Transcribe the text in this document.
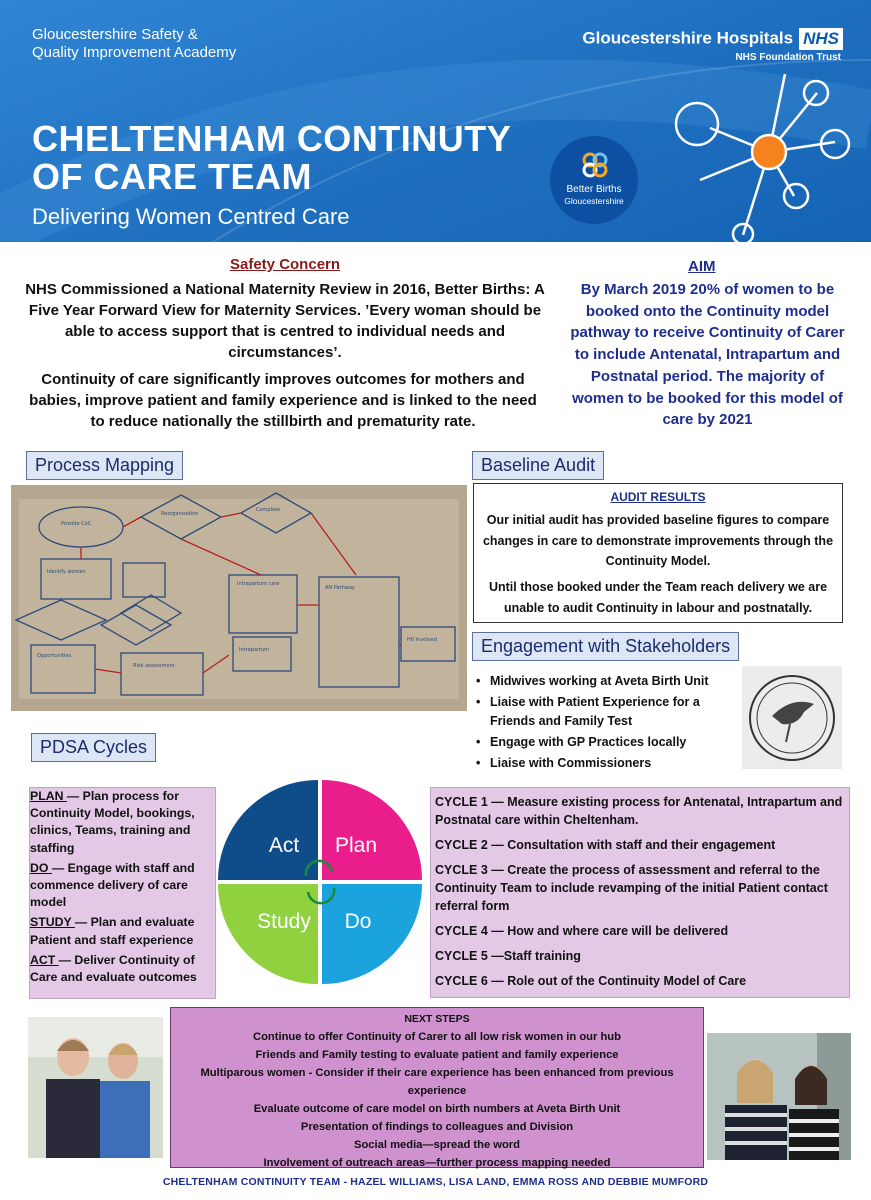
Gloucestershire Safety &
Quality Improvement Academy
Gloucestershire Hospitals NHS
NHS Foundation Trust
CHELTENHAM CONTINUTY
OF CARE TEAM
Delivering Women Centred Care
Better Births
Gloucestershire
Safety Concern
NHS Commissioned a National Maternity Review in 2016, Better Births: A Five Year Forward View for Maternity Services. ’Every woman should be able to access support that is centred to individual needs and circumstances’.
Continuity of care significantly improves outcomes for mothers and babies, improve patient and family experience and is linked to the need to reduce nationally the stillbirth and prematurity rate.
AIM
By March 2019 20% of women to be booked onto the Continuity model pathway to receive Continuity of Carer to include Antenatal, Intrapartum and Postnatal period. The majority of women to be booked for this model of care by 2021
Process Mapping
Provide CoC
Reorganisation
Complete
Identify women
Intrapartum care
AN Pathway
Intrapartum
Opportunities
Risk assessment
HV involved
Baseline Audit
AUDIT RESULTS
Our initial audit has provided baseline figures to compare changes in care to demonstrate improvements through the Continuity Model.
Until those booked under the Team reach delivery we are unable to audit Continuity in labour and postnatally.
Engagement with Stakeholders
• Midwives working at Aveta Birth Unit
• Liaise with Patient Experience for a Friends and Family Test
• Engage with GP Practices locally
• Liaise with Commissioners
PDSA Cycles

PLAN — Plan process for Continuity Model, bookings, clinics, Teams, training and staffing

DO — Engage with staff and commence delivery of care model

STUDY — Plan and evaluate Patient and staff experience

ACT — Deliver Continuity of Care and evaluate outcomes

Act Plan
Study Do

CYCLE 1 — Measure existing process for Antenatal, Intrapartum and Postnatal care within Cheltenham.

CYCLE 2 — Consultation with staff and their engagement

CYCLE 3 — Create the process of assessment and referral to the Continuity Team to include revamping of the initial Patient contact referral form

CYCLE 4 — How and where care will be delivered

CYCLE 5 —Staff training

CYCLE 6 — Role out of the Continuity Model of Care

NEXT STEPS

Continue to offer Continuity of Carer to all low risk women in our hub

Friends and Family testing to evaluate patient and family experience

Multiparous women - Consider if their care experience has been enhanced from previous experience

Evaluate outcome of care model on birth numbers at Aveta Birth Unit

Presentation of findings to colleagues and Division

Social media—spread the word

Involvement of outreach areas—further process mapping needed

CHELTENHAM CONTINUITY TEAM - HAZEL WILLIAMS, LISA LAND, EMMA ROSS AND DEBBIE MUMFORD
